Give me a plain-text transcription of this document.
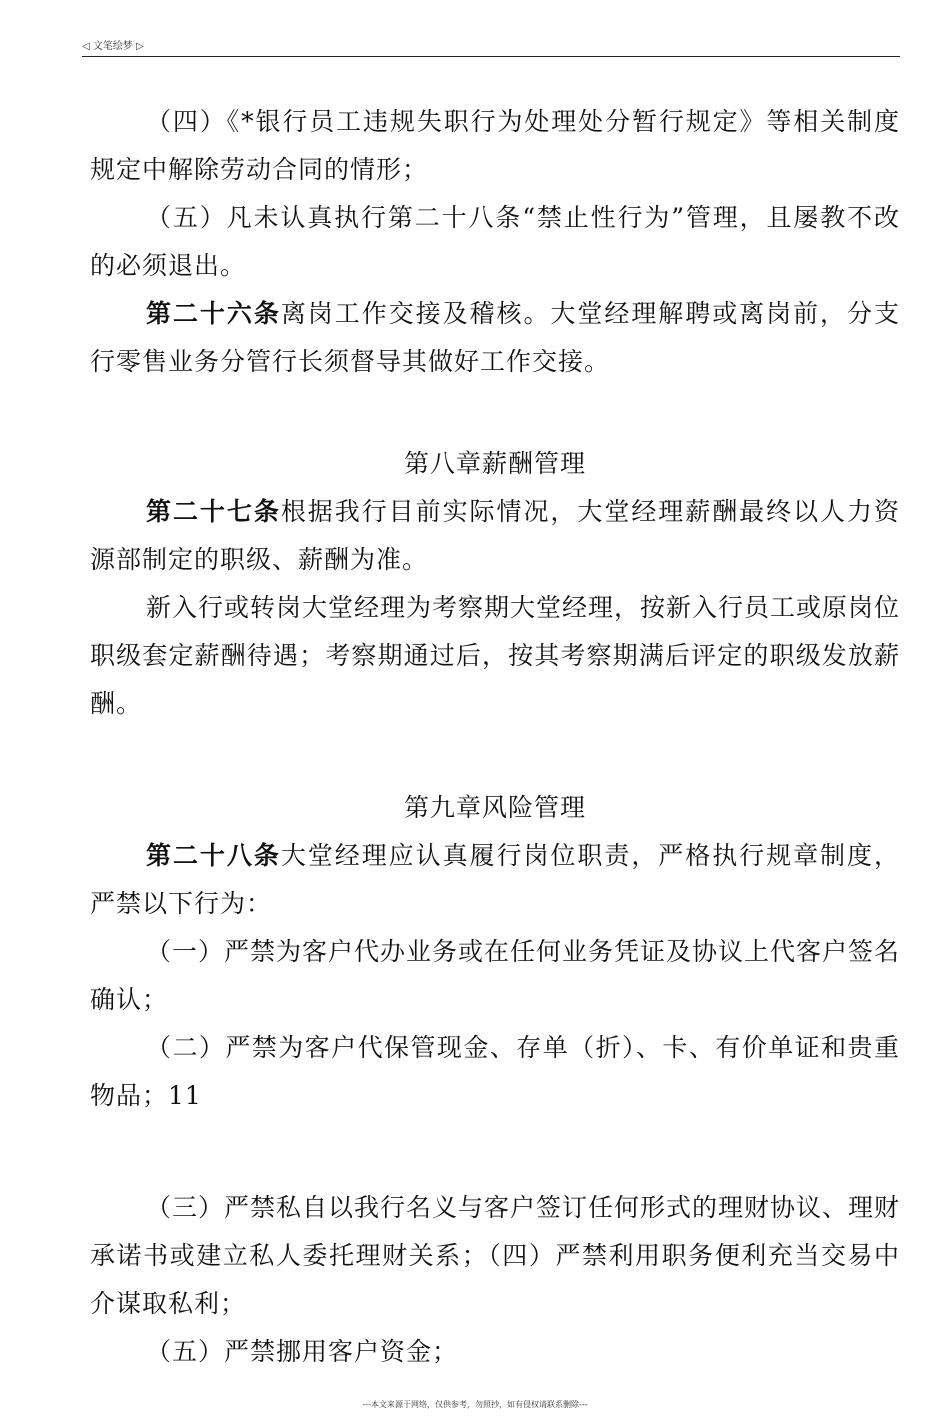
◁ 文笔绘梦 ▷

（四）《*银行员工违规失职行为处理处分暂行规定》等相关制度规定中解除劳动合同的情形；

（五）凡未认真执行第二十八条“禁止性行为”管理，且屡教不改的必须退出。

第二十六条离岗工作交接及稽核。大堂经理解聘或离岗前，分支行零售业务分管行长须督导其做好工作交接。

第八章薪酬管理

第二十七条根据我行目前实际情况，大堂经理薪酬最终以人力资源部制定的职级、薪酬为准。

新入行或转岗大堂经理为考察期大堂经理，按新入行员工或原岗位职级套定薪酬待遇；考察期通过后，按其考察期满后评定的职级发放薪酬。

第九章风险管理

第二十八条大堂经理应认真履行岗位职责，严格执行规章制度，严禁以下行为：

（一）严禁为客户代办业务或在任何业务凭证及协议上代客户签名确认；

（二）严禁为客户代保管现金、存单（折）、卡、有价单证和贵重物品；11

（三）严禁私自以我行名义与客户签订任何形式的理财协议、理财承诺书或建立私人委托理财关系；（四）严禁利用职务便利充当交易中介谋取私利；

（五）严禁挪用客户资金；

---本文来源于网络，仅供参考，勿照抄，如有侵权请联系删除---
